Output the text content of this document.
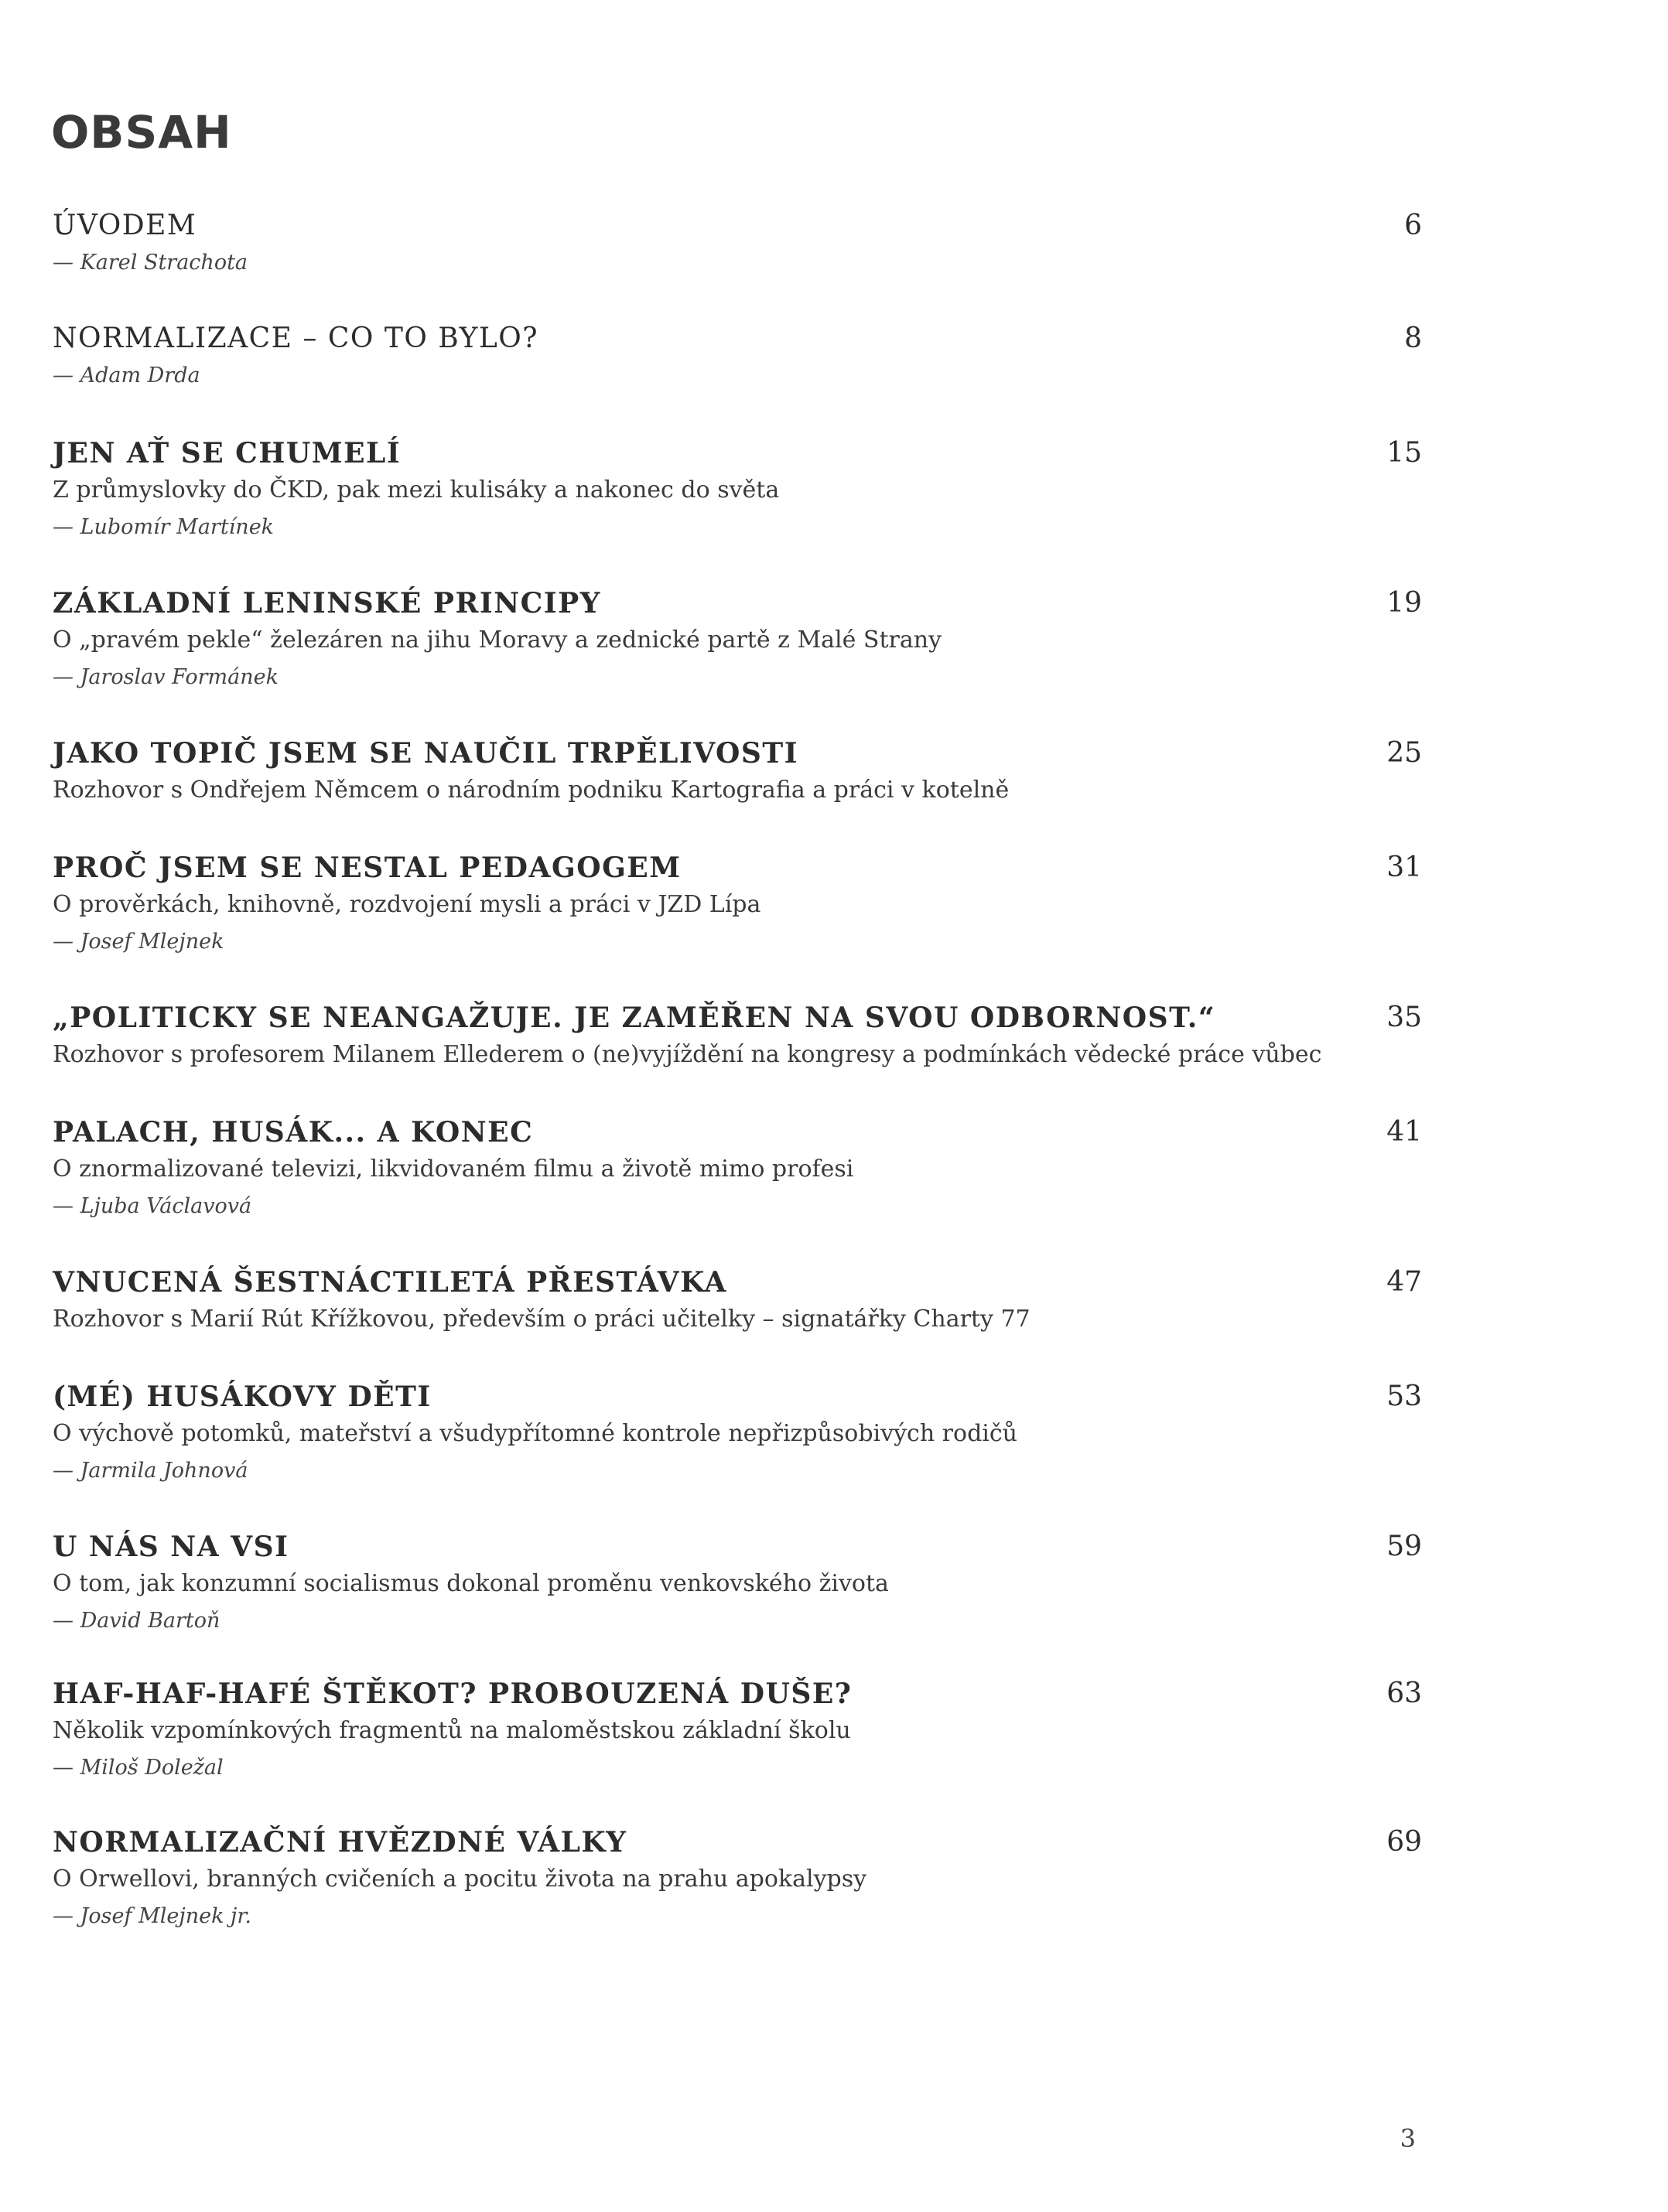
OBSAH

ÚVODEM

— Karel Strachota

6

NORMALIZACE – CO TO BYLO?

— Adam Drda

8

JEN AŤ SE CHUMELÍ

Z průmyslovky do ČKD, pak mezi kulisáky a nakonec do světa

— Lubomír Martínek

15

ZÁKLADNÍ LENINSKÉ PRINCIPY

O „pravém pekle“ železáren na jihu Moravy a zednické partě z Malé Strany

— Jaroslav Formánek

19

JAKO TOPIČ JSEM SE NAUČIL TRPĚLIVOSTI

Rozhovor s Ondřejem Němcem o národním podniku Kartografia a práci v kotelně

25

PROČ JSEM SE NESTAL PEDAGOGEM

O prověrkách, knihovně, rozdvojení mysli a práci v JZD Lípa

— Josef Mlejnek

31

„POLITICKY SE NEANGAŽUJE. JE ZAMĚŘEN NA SVOU ODBORNOST.“

Rozhovor s profesorem Milanem Ellederem o (ne)vyjíždění na kongresy a podmínkách vědecké práce vůbec

35

PALACH, HUSÁK... A KONEC

O znormalizované televizi, likvidovaném filmu a životě mimo profesi

— Ljuba Václavová

41

VNUCENÁ ŠESTNÁCTILETÁ PŘESTÁVKA

Rozhovor s Marií Rút Křížkovou, především o práci učitelky – signatářky Charty 77

47

(MÉ) HUSÁKOVY DĚTI

O výchově potomků, mateřství a všudypřítomné kontrole nepřizpůsobivých rodičů

— Jarmila Johnová

53

U NÁS NA VSI

O tom, jak konzumní socialismus dokonal proměnu venkovského života

— David Bartoň

59

HAF-HAF-HAFÉ ŠTĚKOT? PROBOUZENÁ DUŠE?

Několik vzpomínkových fragmentů na maloměstskou základní školu

— Miloš Doležal

63

NORMALIZAČNÍ HVĚZDNÉ VÁLKY

O Orwellovi, branných cvičeních a pocitu života na prahu apokalypsy

— Josef Mlejnek jr.

69
3
